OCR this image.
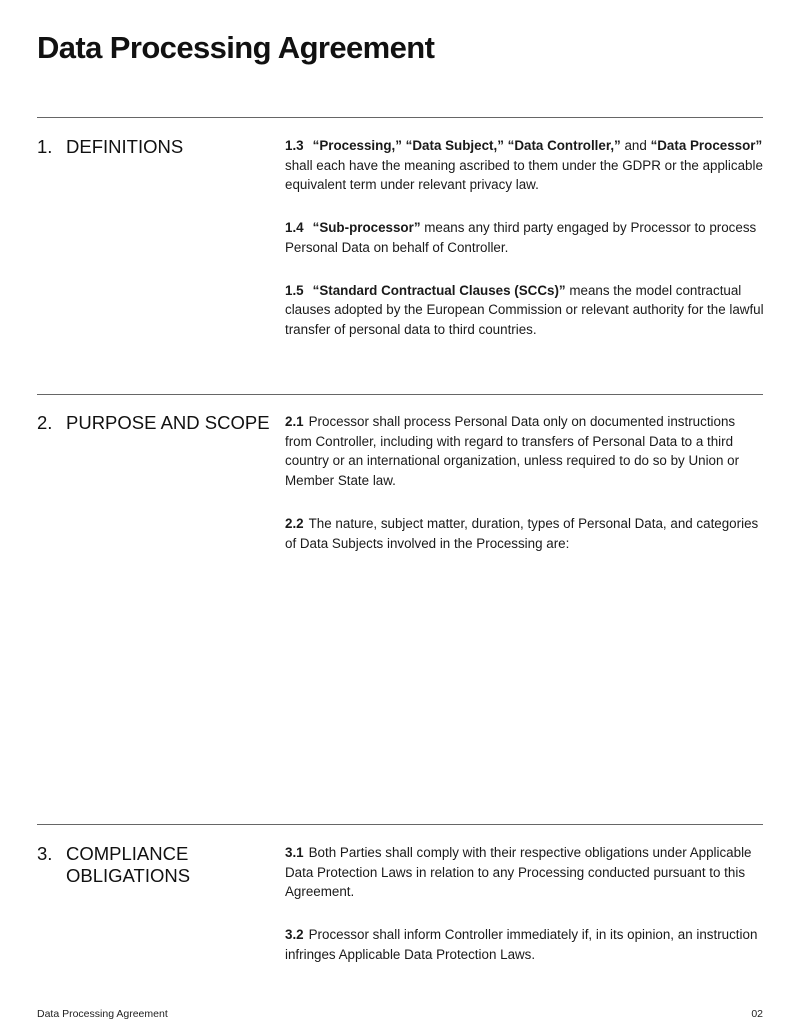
Data Processing Agreement
1. DEFINITIONS	1.3 “Processing,” “Data Subject,” “Data Controller,” and “Data Processor” shall each have the meaning ascribed to them under the GDPR or the applicable equivalent term under relevant privacy law.

1.4 “Sub-processor” means any third party engaged by Processor to process Personal Data on behalf of Controller.

1.5 “Standard Contractual Clauses (SCCs)” means the model contractual clauses adopted by the European Commission or relevant authority for the lawful transfer of personal data to third countries.

2. PURPOSE AND SCOPE	2.1 Processor shall process Personal Data only on documented instructions from Controller, including with regard to transfers of Personal Data to a third country or an international organization, unless required to do so by Union or Member State law.

2.2 The nature, subject matter, duration, types of Personal Data, and categories of Data Subjects involved in the Processing are:

3. COMPLIANCE OBLIGATIONS

3.1 Both Parties shall comply with their respective obligations under Applicable Data Protection Laws in relation to any Processing conducted pursuant to this Agreement.

3.2 Processor shall inform Controller immediately if, in its opinion, an instruction infringes Applicable Data Protection Laws.

Data Processing Agreement	02
